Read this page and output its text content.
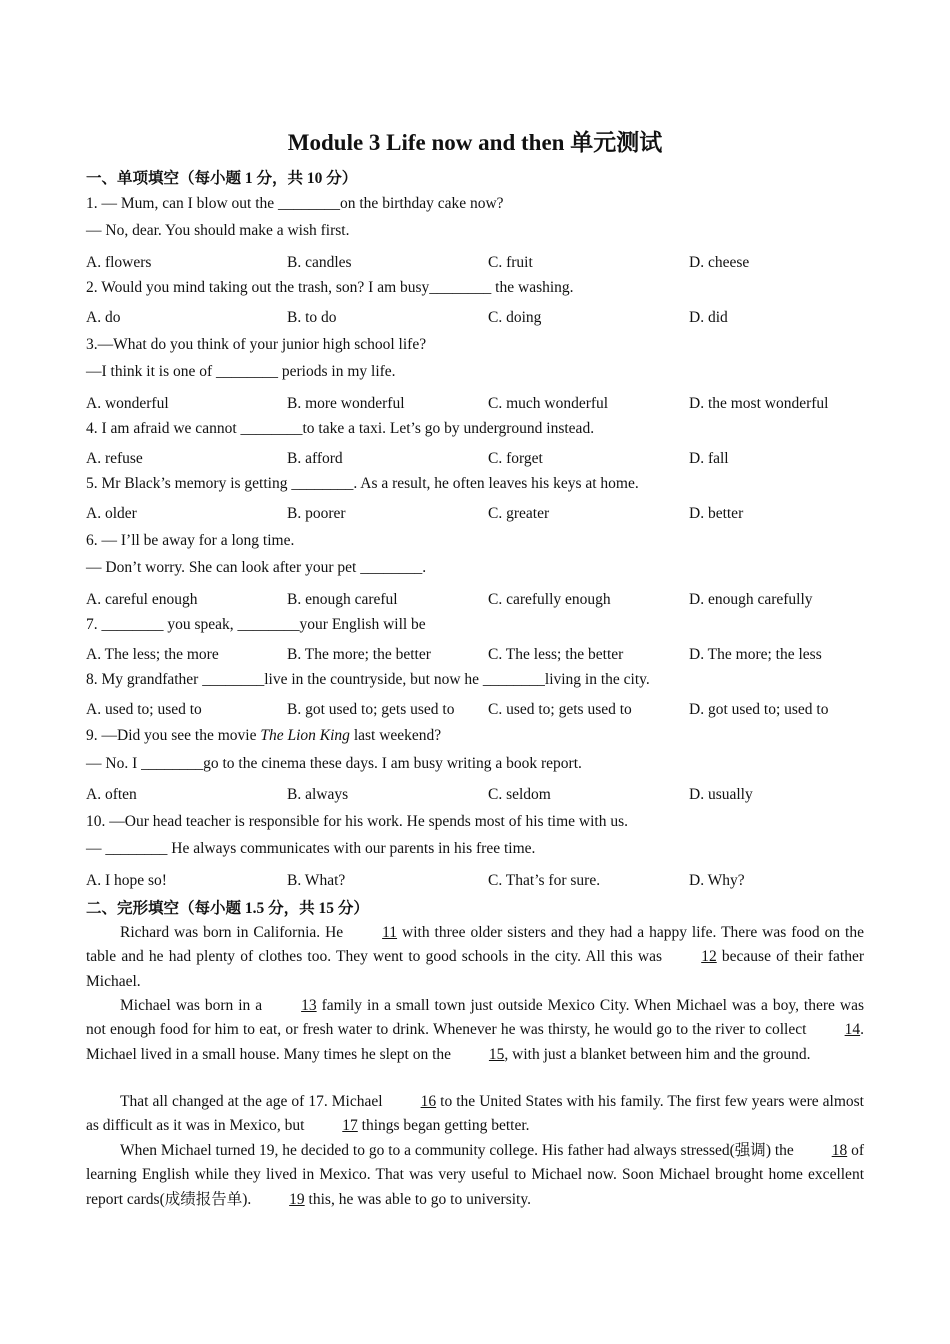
Module 3 Life now and then 单元测试
一、单项填空（每小题 1 分，共 10 分）
1. — Mum, can I blow out the ________on the birthday cake now?
— No, dear. You should make a wish first.
A. flowers	B. candles	C. fruit	D. cheese
2. Would you mind taking out the trash, son? I am busy________ the washing.
A. do	B. to do	C. doing	D. did
3.—What do you think of your junior high school life?
—I think it is one of ________ periods in my life.
A. wonderful	B. more wonderful	C. much wonderful	D. the most wonderful
4. I am afraid we cannot ________to take a taxi. Let’s go by underground instead.
A. refuse	B. afford	C. forget	D. fall
5. Mr Black’s memory is getting ________. As a result, he often leaves his keys at home.
A. older	B. poorer	C. greater	D. better
6. — I’ll be away for a long time.
— Don’t worry. She can look after your pet ________.
A. careful enough	B. enough careful	C. carefully enough	D. enough carefully
7. ________ you speak, ________your English will be
A. The less; the more	B. The more; the better	C. The less; the better	D. The more; the less
8. My grandfather ________live in the countryside, but now he ________living in the city.
A. used to; used to	B. got used to; gets used to C. used to; gets used to	D. got used to; used to
9. —Did you see the movie The Lion King last weekend?
— No. I ________go to the cinema these days. I am busy writing a book report.
A. often	B. always	C. seldom	D. usually
10. —Our head teacher is responsible for his work. He spends most of his time with us.
— ________ He always communicates with our parents in his free time.
A. I hope so!	B. What?	C. That’s for sure.	D. Why?
二、完形填空（每小题 1.5 分，共 15 分）
Richard was born in California. He 11 with three older sisters and they had a happy life. There was food on the table and he had plenty of clothes too. They went to good schools in the city. All this was 12 because of their father Michael.
Michael was born in a 13 family in a small town just outside Mexico City. When Michael was a boy, there was not enough food for him to eat, or fresh water to drink. Whenever he was thirsty, he would go to the river to collect 14. Michael lived in a small house. Many times he slept on the 15, with just a blanket between him and the ground.
That all changed at the age of 17. Michael 16 to the United States with his family. The first few years were almost as difficult as it was in Mexico, but 17 things began getting better.
When Michael turned 19, he decided to go to a community college. His father had always stressed(强调) the 18 of learning English while they lived in Mexico. That was very useful to Michael now. Soon Michael brought home excellent report cards(成绩报告单). 19 this, he was able to go to university.
